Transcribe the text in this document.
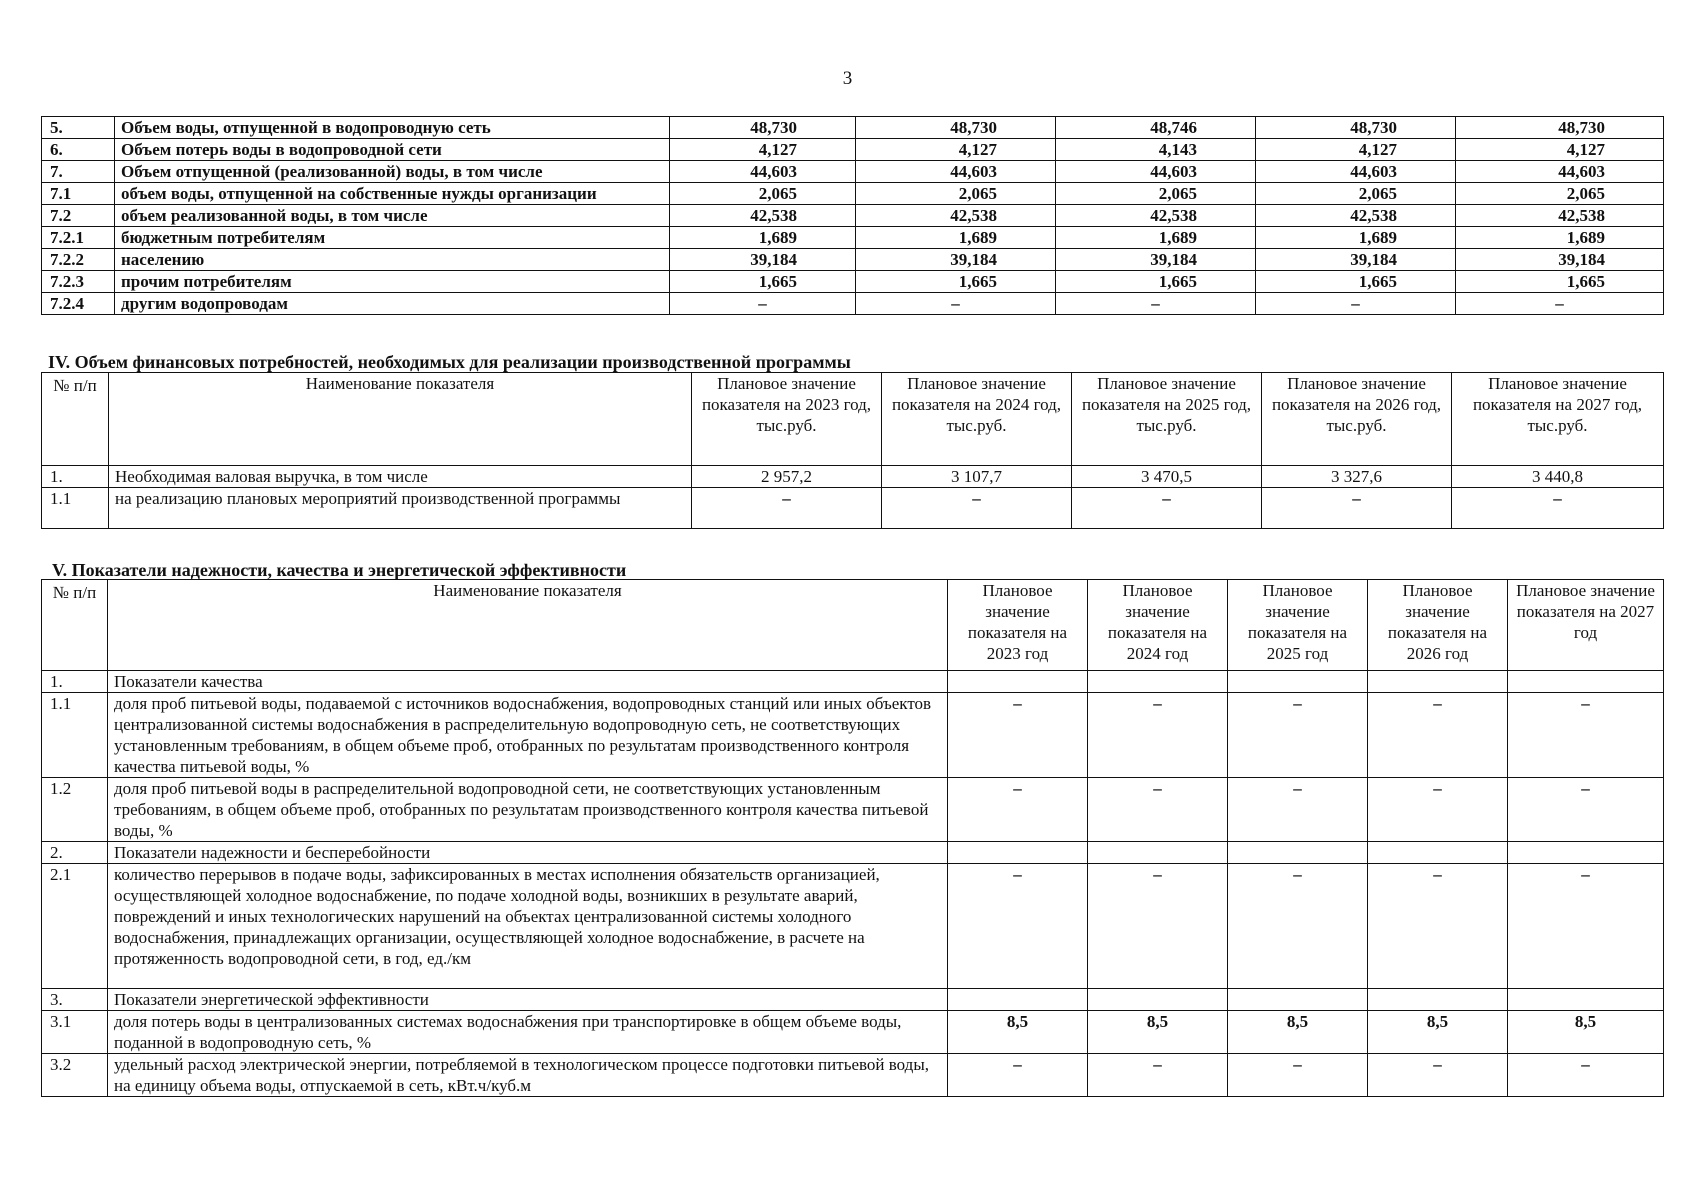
3
5.	Объем воды, отпущенной в водопроводную сеть	48,730	48,730	48,746	48,730	48,730
6.	Объем потерь воды в водопроводной сети	4,127	4,127	4,143	4,127	4,127
7.	Объем отпущенной (реализованной) воды, в том числе	44,603	44,603	44,603	44,603	44,603
7.1	объем воды, отпущенной на собственные нужды организации	2,065	2,065	2,065	2,065	2,065
7.2	объем реализованной воды, в том числе	42,538	42,538	42,538	42,538	42,538
7.2.1	бюджетным потребителям	1,689	1,689	1,689	1,689	1,689
7.2.2	населению	39,184	39,184	39,184	39,184	39,184
7.2.3	прочим потребителям	1,665	1,665	1,665	1,665	1,665
7.2.4	другим водопроводам	–	–	–	–	–
IV. Объем финансовых потребностей, необходимых для реализации производственной программы
№ п/п	Наименование показателя	Плановое значение показателя на 2023 год, тыс.руб.	Плановое значение показателя на 2024 год, тыс.руб.	Плановое значение показателя на 2025 год, тыс.руб.	Плановое значение показателя на 2026 год, тыс.руб.	Плановое значение показателя на 2027 год, тыс.руб.
1.	Необходимая валовая выручка, в том числе	2 957,2	3 107,7	3 470,5	3 327,6	3 440,8
1.1	на реализацию плановых мероприятий производственной программы	–	–	–	–	–
V. Показатели надежности, качества и энергетической эффективности
№ п/п	Наименование показателя	Плановое значение показателя на 2023 год	Плановое значение показателя на 2024 год	Плановое значение показателя на 2025 год	Плановое значение показателя на 2026 год	Плановое значение показателя на 2027 год
1.	Показатели качества					
1.1	доля проб питьевой воды, подаваемой с источников водоснабжения, водопроводных станций или иных объектов централизованной системы водоснабжения в распределительную водопроводную сеть, не соответствующих установленным требованиям, в общем объеме проб, отобранных по результатам производственного контроля качества питьевой воды, %	–	–	–	–	–
1.2	доля проб питьевой воды в распределительной водопроводной сети, не соответствующих установленным требованиям, в общем объеме проб, отобранных по результатам производственного контроля качества питьевой воды, %	–	–	–	–	–
2.	Показатели надежности и бесперебойности					
2.1	количество перерывов в подаче воды, зафиксированных в местах исполнения обязательств организацией, осуществляющей холодное водоснабжение, по подаче холодной воды, возникших в результате аварий, повреждений и иных технологических нарушений на объектах централизованной системы холодного водоснабжения, принадлежащих организации, осуществляющей холодное водоснабжение, в расчете на протяженность водопроводной сети, в год, ед./км	–	–	–	–	–
3.	Показатели энергетической эффективности					
3.1	доля потерь воды в централизованных системах водоснабжения при транспортировке в общем объеме воды, поданной в водопроводную сеть, %	8,5	8,5	8,5	8,5	8,5
3.2	удельный расход электрической энергии, потребляемой в технологическом процессе подготовки питьевой воды, на единицу объема воды, отпускаемой в сеть, кВт.ч/куб.м	–	–	–	–	–
